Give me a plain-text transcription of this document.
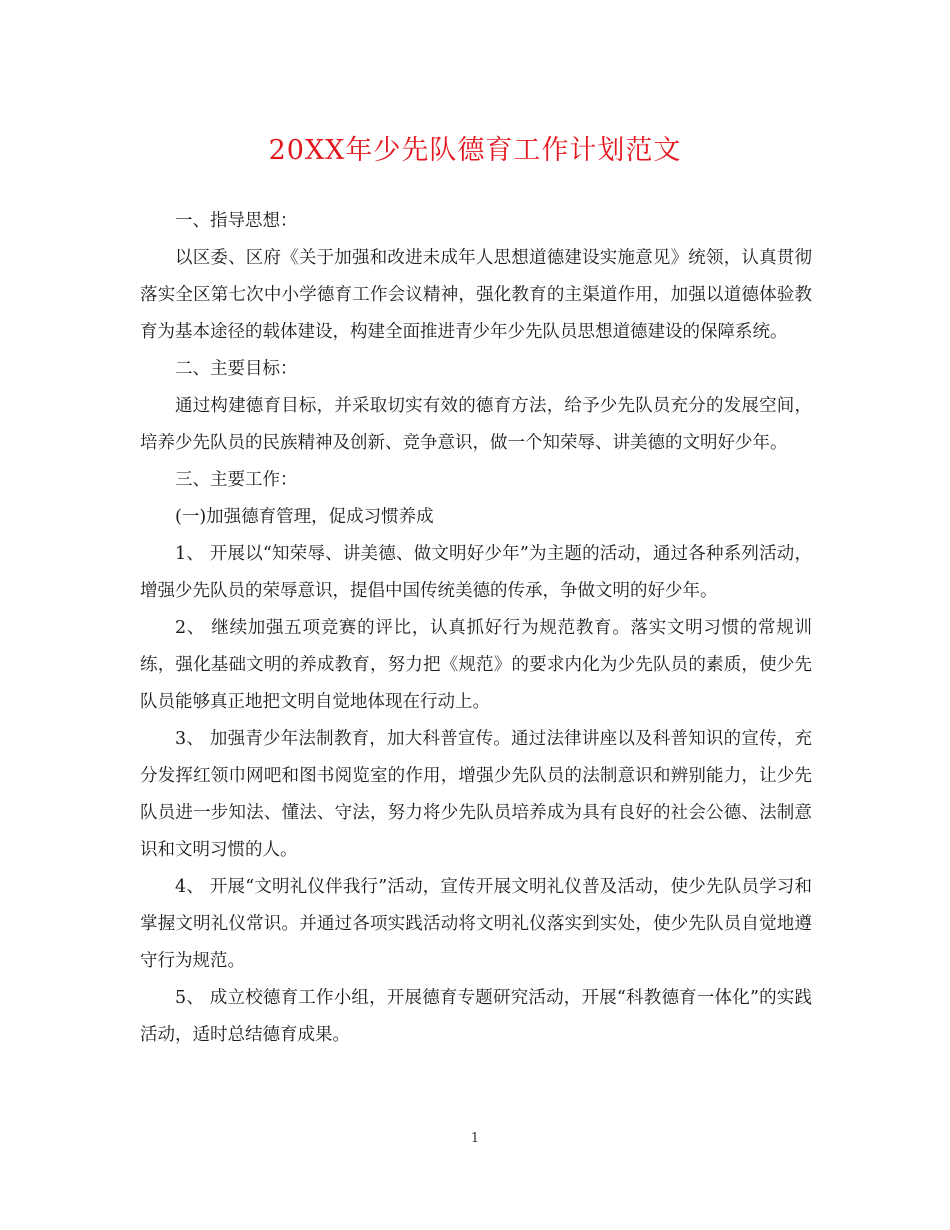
20XX年少先队德育工作计划范文

一、指导思想：

以区委、区府《关于加强和改进未成年人思想道德建设实施意见》统领，认真贯彻落实全区第七次中小学德育工作会议精神，强化教育的主渠道作用，加强以道德体验教育为基本途径的载体建设，构建全面推进青少年少先队员思想道德建设的保障系统。

二、主要目标：

通过构建德育目标，并采取切实有效的德育方法，给予少先队员充分的发展空间，培养少先队员的民族精神及创新、竞争意识，做一个知荣辱、讲美德的文明好少年。

三、主要工作：

(一)加强德育管理，促成习惯养成

1、 开展以“知荣辱、讲美德、做文明好少年”为主题的活动，通过各种系列活动，增强少先队员的荣辱意识，提倡中国传统美德的传承，争做文明的好少年。

2、 继续加强五项竞赛的评比，认真抓好行为规范教育。落实文明习惯的常规训练，强化基础文明的养成教育，努力把《规范》的要求内化为少先队员的素质，使少先队员能够真正地把文明自觉地体现在行动上。

3、 加强青少年法制教育，加大科普宣传。通过法律讲座以及科普知识的宣传，充分发挥红领巾网吧和图书阅览室的作用，增强少先队员的法制意识和辨别能力，让少先队员进一步知法、懂法、守法，努力将少先队员培养成为具有良好的社会公德、法制意识和文明习惯的人。

4、 开展“文明礼仪伴我行”活动，宣传开展文明礼仪普及活动，使少先队员学习和掌握文明礼仪常识。并通过各项实践活动将文明礼仪落实到实处，使少先队员自觉地遵守行为规范。

5、 成立校德育工作小组，开展德育专题研究活动，开展“科教德育一体化”的实践活动，适时总结德育成果。

1
